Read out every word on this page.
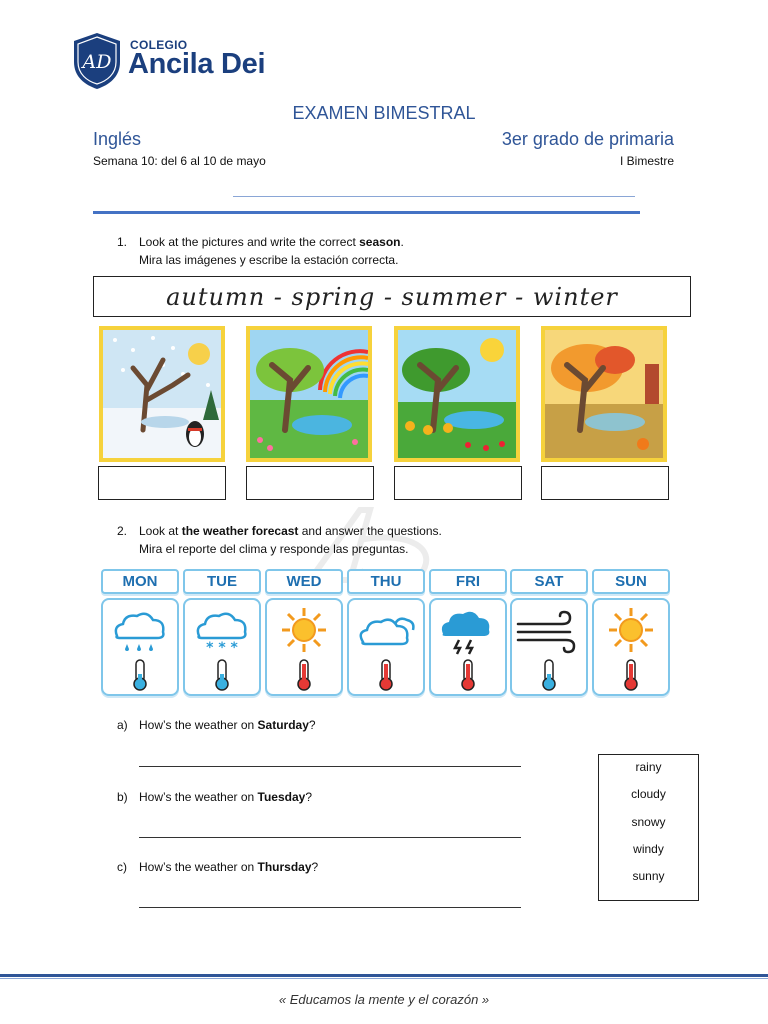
AD
COLEGIO
Ancila Dei
EXAMEN BIMESTRAL
Inglés	3er grado de primaria
Semana 10: del 6 al 10 de mayo	I Bimestre
1. Look at the pictures and write the correct season.
Mira las imágenes y escribe la estación correcta.
autumn - spring - summer - winter
2. Look at the weather forecast and answer the questions.
Mira el reporte del clima y responde las preguntas.
MON	TUE	WED	THU	FRI	SAT	SUN
* * *
a) How’s the weather on Saturday?
b) How’s the weather on Tuesday?
c) How’s the weather on Thursday?
rainy
cloudy
snowy
windy
sunny
« Educamos la mente y el corazón »
